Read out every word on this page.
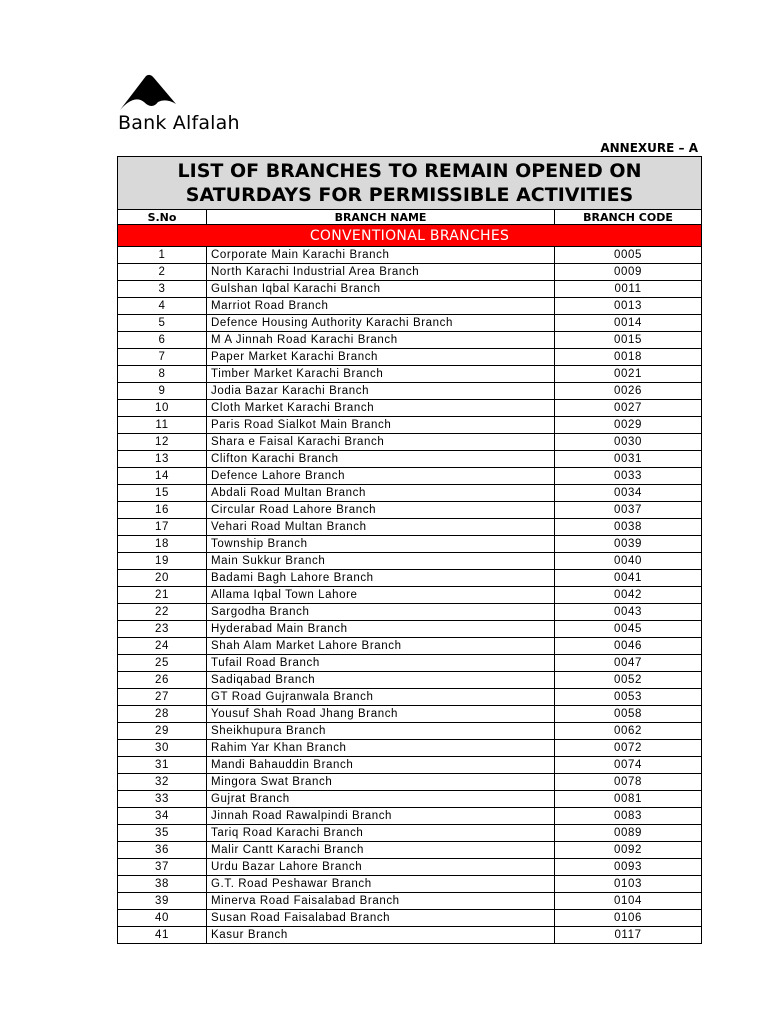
Bank Alfalah
ANNEXURE – A
LIST OF BRANCHES TO REMAIN OPENED ON
SATURDAYS FOR PERMISSIBLE ACTIVITIES		

S.No	BRANCH NAME	BRANCH CODE
CONVENTIONAL BRANCHES		
1	Corporate Main Karachi Branch	0005
2	North Karachi Industrial Area Branch	0009
3	Gulshan Iqbal Karachi Branch	0011
4	Marriot Road Branch	0013
5	Defence Housing Authority Karachi Branch	0014
6	M A Jinnah Road Karachi Branch	0015
7	Paper Market Karachi Branch	0018
8	Timber Market Karachi Branch	0021
9	Jodia Bazar Karachi Branch	0026
10	Cloth Market Karachi Branch	0027
11	Paris Road Sialkot Main Branch	0029
12	Shara e Faisal Karachi Branch	0030
13	Clifton Karachi Branch	0031
14	Defence Lahore Branch	0033
15	Abdali Road Multan Branch	0034
16	Circular Road Lahore Branch	0037
17	Vehari Road Multan Branch	0038
18	Township Branch	0039
19	Main Sukkur Branch	0040
20	Badami Bagh Lahore Branch	0041
21	Allama Iqbal Town Lahore	0042
22	Sargodha Branch	0043
23	Hyderabad Main Branch	0045
24	Shah Alam Market Lahore Branch	0046
25	Tufail Road Branch	0047
26	Sadiqabad Branch	0052
27	GT Road Gujranwala Branch	0053
28	Yousuf Shah Road Jhang Branch	0058
29	Sheikhupura Branch	0062
30	Rahim Yar Khan Branch	0072
31	Mandi Bahauddin Branch	0074
32	Mingora Swat Branch	0078
33	Gujrat Branch	0081
34	Jinnah Road Rawalpindi Branch	0083
35	Tariq Road Karachi Branch	0089
36	Malir Cantt Karachi Branch	0092
37	Urdu Bazar Lahore Branch	0093
38	G.T. Road Peshawar Branch	0103
39	Minerva Road Faisalabad Branch	0104
40	Susan Road Faisalabad Branch	0106
41	Kasur Branch	0117
